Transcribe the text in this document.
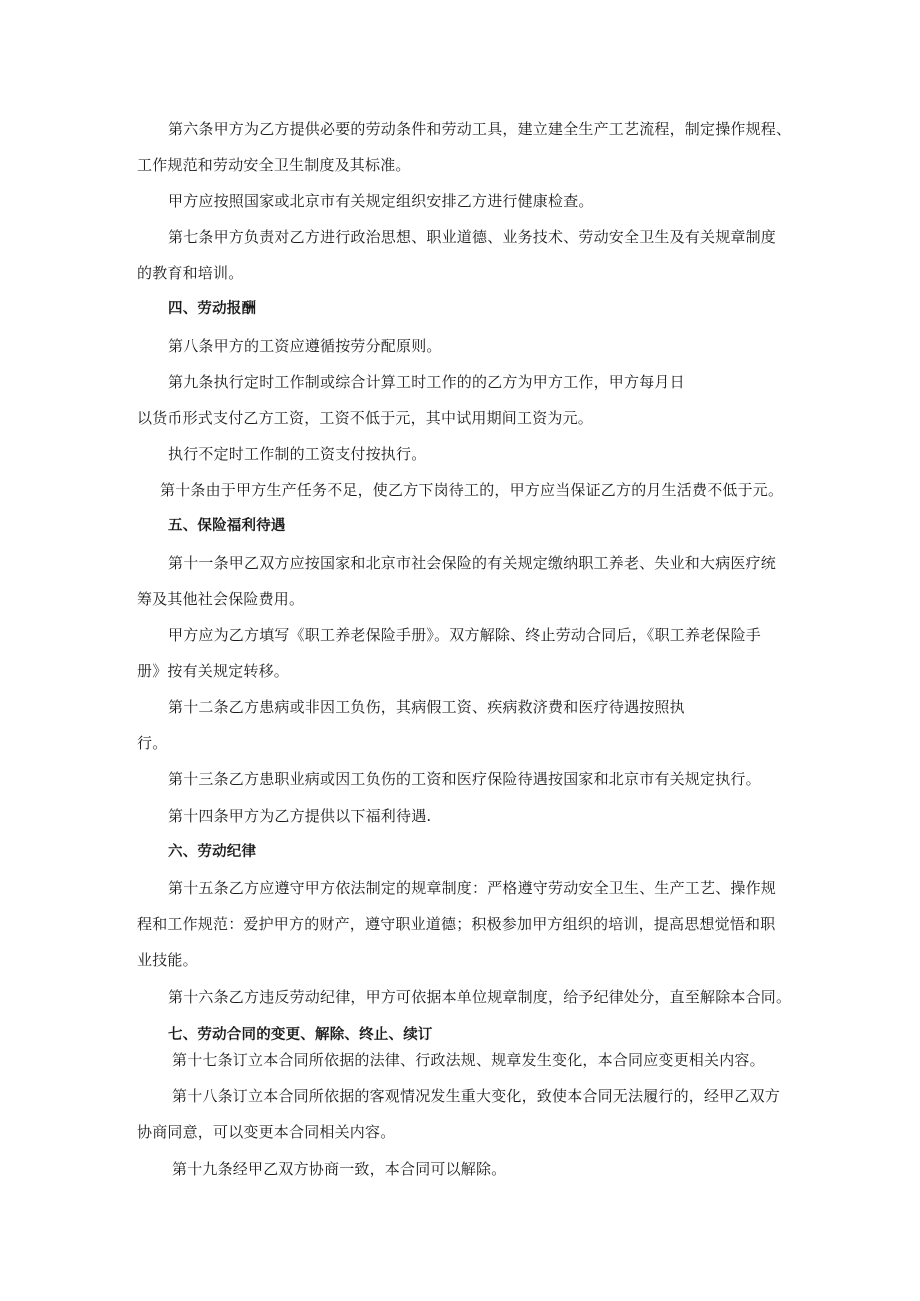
第六条甲方为乙方提供必要的劳动条件和劳动工具，建立建全生产工艺流程，制定操作规程、
工作规范和劳动安全卫生制度及其标准。
甲方应按照国家或北京市有关规定组织安排乙方进行健康检查。
第七条甲方负责对乙方进行政治思想、职业道德、业务技术、劳动安全卫生及有关规章制度
的教育和培训。
四、劳动报酬
第八条甲方的工资应遵循按劳分配原则。
第九条执行定时工作制或综合计算工时工作的的乙方为甲方工作，甲方每月日
以货币形式支付乙方工资，工资不低于元，其中试用期间工资为元。
执行不定时工作制的工资支付按执行。
第十条由于甲方生产任务不足，使乙方下岗待工的，甲方应当保证乙方的月生活费不低于元。
五、保险福利待遇
第十一条甲乙双方应按国家和北京市社会保险的有关规定缴纳职工养老、失业和大病医疗统
筹及其他社会保险费用。
甲方应为乙方填写《职工养老保险手册》。双方解除、终止劳动合同后，《职工养老保险手
册》按有关规定转移。
第十二条乙方患病或非因工负伤，其病假工资、疾病救济费和医疗待遇按照执
行。
第十三条乙方患职业病或因工负伤的工资和医疗保险待遇按国家和北京市有关规定执行。
第十四条甲方为乙方提供以下福利待遇.
六、劳动纪律
第十五条乙方应遵守甲方依法制定的规章制度：严格遵守劳动安全卫生、生产工艺、操作规
程和工作规范：爱护甲方的财产，遵守职业道德；积极参加甲方组织的培训，提高思想觉悟和职
业技能。
第十六条乙方违反劳动纪律，甲方可依据本单位规章制度，给予纪律处分，直至解除本合同。
七、劳动合同的变更、解除、终止、续订
第十七条订立本合同所依据的法律、行政法规、规章发生变化，本合同应变更相关内容。
第十八条订立本合同所依据的客观情况发生重大变化，致使本合同无法履行的，经甲乙双方
协商同意，可以变更本合同相关内容。
第十九条经甲乙双方协商一致，本合同可以解除。
